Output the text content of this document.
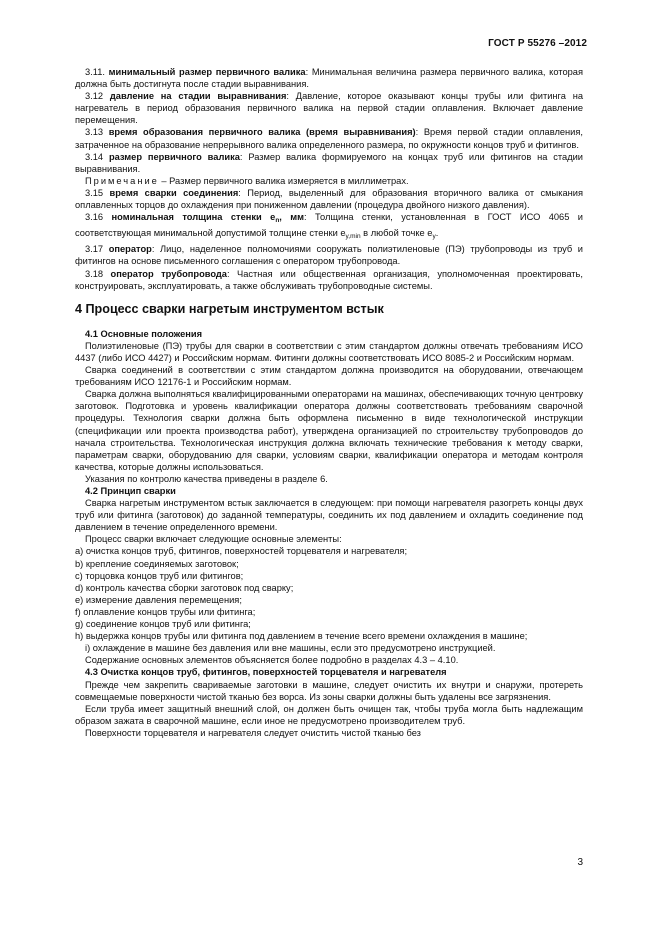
ГОСТ Р 55276 –2012

3.11. минимальный размер первичного валика: Минимальная величина размера первичного валика, которая должна быть достигнута после стадии выравнивания.

3.12 давление на стадии выравнивания: Давление, которое оказывают концы трубы или фитинга на нагреватель в период образования первичного валика на первой стадии оплавления. Включает давление перемещения.

3.13 время образования первичного валика (время выравнивания): Время первой стадии оплавления, затраченное на образование непрерывного валика определенного размера, по окружности концов труб и фитингов.

3.14 размер первичного валика: Размер валика формируемого на концах труб или фитингов на стадии выравнивания.

Примечание – Размер первичного валика измеряется в миллиметрах.

3.15 время сварки соединения: Период, выделенный для образования вторичного валика от смыкания оплавленных торцов до охлаждения при пониженном давлении (процедура двойного низкого давления).

3.16 номинальная толщина стенки $e_n$, мм: Толщина стенки, установленная в ГОСТ ИСО 4065 и соответствующая минимальной допустимой толщине стенки $e_{y,min}$ в любой точке $e_y$.

3.17 оператор: Лицо, наделенное полномочиями сооружать полиэтиленовые (ПЭ) трубопроводы из труб и фитингов на основе письменного соглашения с оператором трубопровода.

3.18 оператор трубопровода: Частная или общественная организация, уполномоченная проектировать, конструировать, эксплуатировать, а также обслуживать трубопроводные системы.

4 Процесс сварки нагретым инструментом встык

4.1 Основные положения

Полиэтиленовые (ПЭ) трубы для сварки в соответствии с этим стандартом должны отвечать требованиям ИСО 4437 (либо ИСО 4427) и Российским нормам. Фитинги должны соответствовать ИСО 8085-2 и Российским нормам.

Сварка соединений в соответствии с этим стандартом должна производится на оборудовании, отвечающем требованиям ИСО 12176-1 и Российским нормам.

Сварка должна выполняться квалифицированными операторами на машинах, обеспечивающих точную центровку заготовок. Подготовка и уровень квалификации оператора должны соответствовать требованиям сварочной процедуры. Технология сварки должна быть оформлена письменно в виде технологической инструкции (спецификации или проекта производства работ), утверждена организацией по строительству трубопроводов до начала строительства. Технологическая инструкция должна включать технические требования к методу сварки, параметрам сварки, оборудованию для сварки, условиям сварки, квалификации оператора и методам контроля качества, которые должны использоваться.

Указания по контролю качества приведены в разделе 6.

4.2 Принцип сварки

Сварка нагретым инструментом встык заключается в следующем: при помощи нагревателя разогреть концы двух труб или фитинга (заготовок) до заданной температуры, соединить их под давлением и охладить соединение под давлением в течение определенного времени.

Процесс сварки включает следующие основные элементы:

a) очистка концов труб, фитингов, поверхностей торцевателя и нагревателя;

b) крепление соединяемых заготовок;

c) торцовка концов труб или фитингов;

d) контроль качества сборки заготовок под сварку;

e) измерение давления перемещения;

f) оплавление концов трубы или фитинга;

g) соединение концов труб или фитинга;

h) выдержка концов трубы или фитинга под давлением в течение всего времени охлаждения в машине;

i) охлаждение в машине без давления или вне машины, если это предусмотрено инструкцией.

Содержание основных элементов объясняется более подробно в разделах 4.3 – 4.10.

4.3 Очистка концов труб, фитингов, поверхностей торцевателя и нагревателя

Прежде чем закрепить свариваемые заготовки в машине, следует очистить их внутри и снаружи, протереть совмещаемые поверхности чистой тканью без ворса. Из зоны сварки должны быть удалены все загрязнения.

Если труба имеет защитный внешний слой, он должен быть очищен так, чтобы труба могла быть надлежащим образом зажата в сварочной машине, если иное не предусмотрено производителем труб.

Поверхности торцевателя и нагревателя следует очистить чистой тканью без

3
